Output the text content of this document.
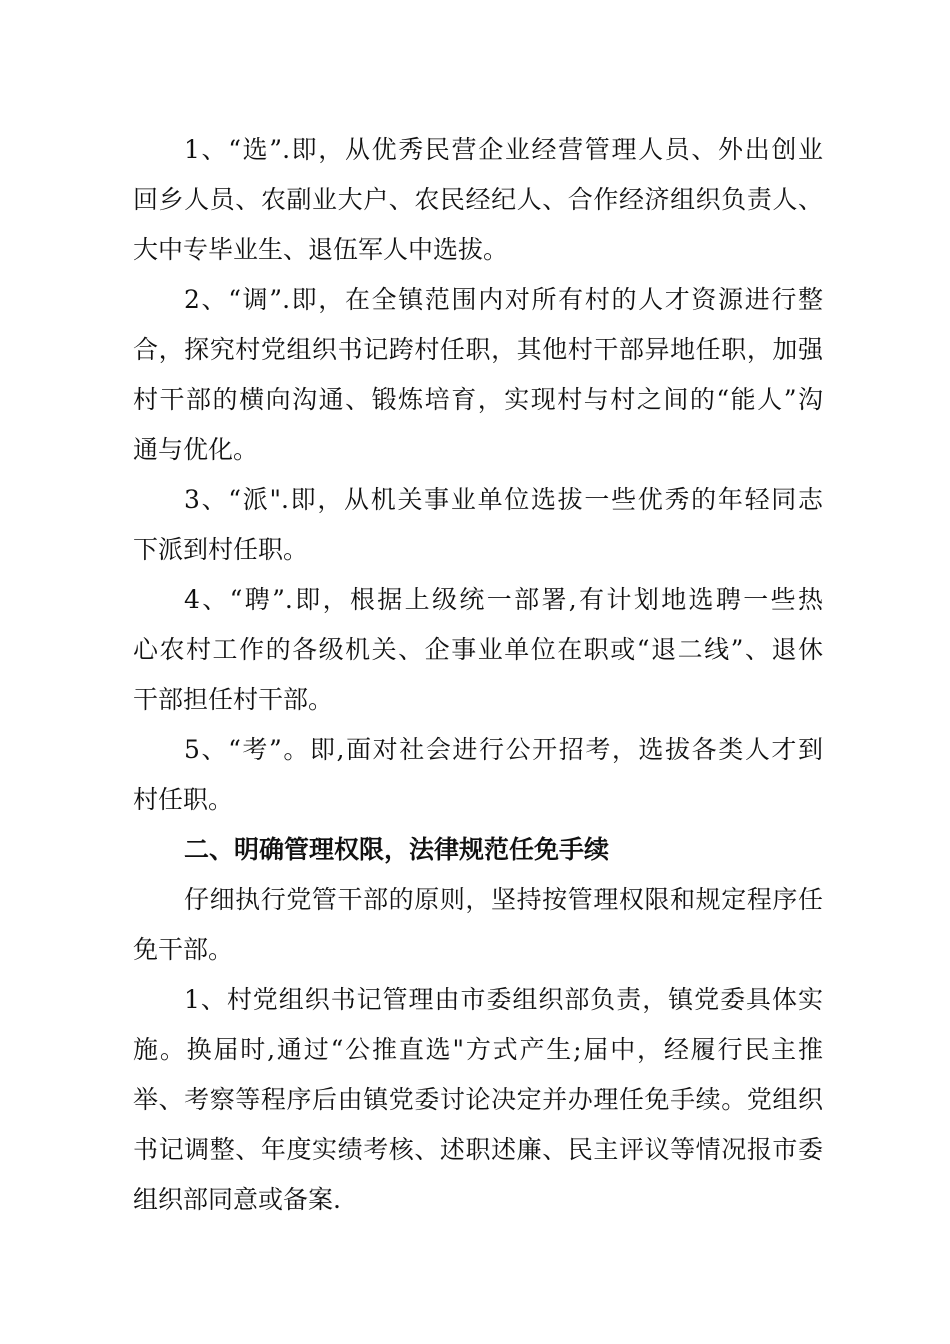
1、“选”.即，从优秀民营企业经营管理人员、外出创业
回乡人员、农副业大户、农民经纪人、合作经济组织负责人、
大中专毕业生、退伍军人中选拔。
2、“调”.即，在全镇范围内对所有村的人才资源进行整
合，探究村党组织书记跨村任职，其他村干部异地任职，加强
村干部的横向沟通、锻炼培育，实现村与村之间的“能人”沟
通与优化。
3、“派".即，从机关事业单位选拔一些优秀的年轻同志
下派到村任职。
4、“聘”.即，根据上级统一部署,有计划地选聘一些热
心农村工作的各级机关、企事业单位在职或“退二线”、退休
干部担任村干部。
5、“考”。即,面对社会进行公开招考，选拔各类人才到
村任职。
二、明确管理权限，法律规范任免手续
仔细执行党管干部的原则，坚持按管理权限和规定程序任
免干部。
1、村党组织书记管理由市委组织部负责，镇党委具体实
施。换届时,通过“公推直选"方式产生;届中，经履行民主推
举、考察等程序后由镇党委讨论决定并办理任免手续。党组织
书记调整、年度实绩考核、述职述廉、民主评议等情况报市委
组织部同意或备案.
